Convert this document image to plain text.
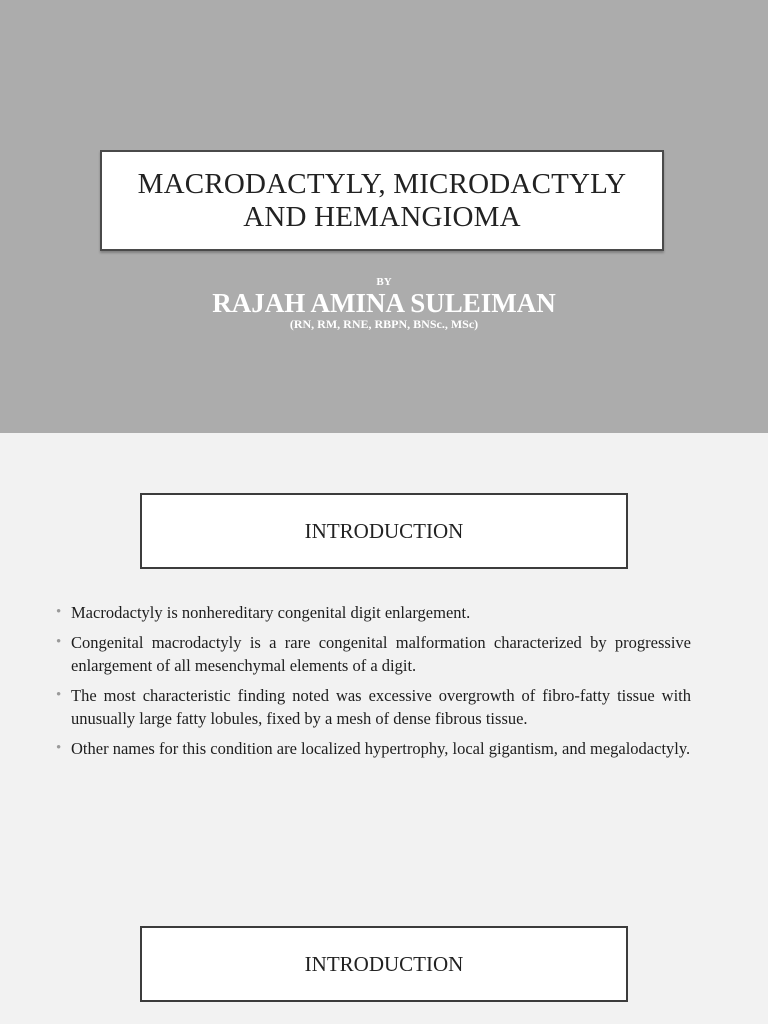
MACRODACTYLY, MICRODACTYLY
AND HEMANGIOMA
BY
RAJAH AMINA SULEIMAN
(RN, RM, RNE, RBPN, BNSc., MSc)
INTRODUCTION
• Macrodactyly is nonhereditary congenital digit enlargement.
• Congenital macrodactyly is a rare congenital malformation characterized by progressive enlargement of all mesenchymal elements of a digit.
• The most characteristic finding noted was excessive overgrowth of fibro-fatty tissue with unusually large fatty lobules, fixed by a mesh of dense fibrous tissue.
• Other names for this condition are localized hypertrophy, local gigantism, and megalodactyly.
INTRODUCTION
